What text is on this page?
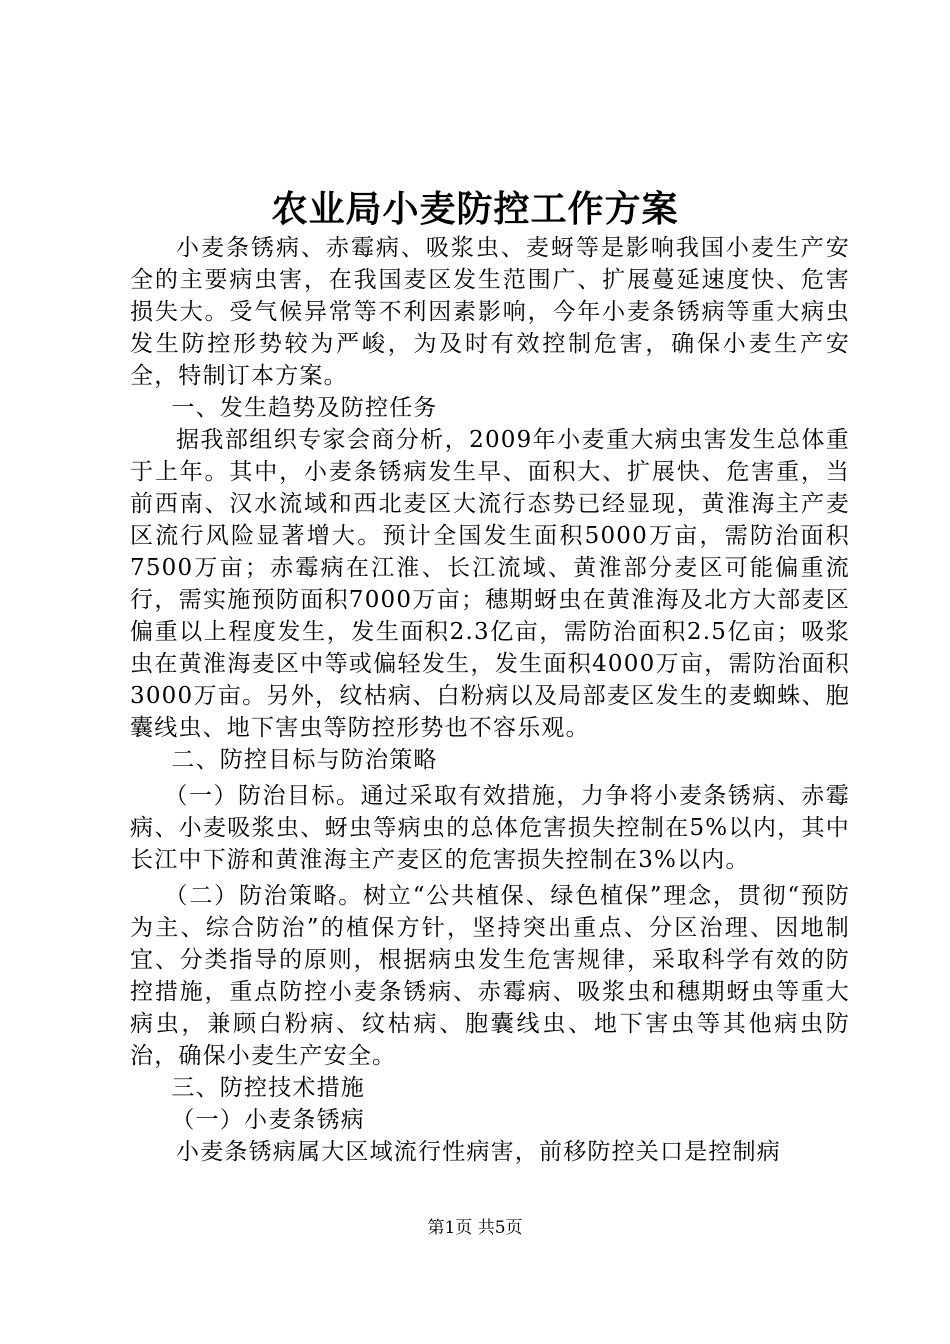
农业局小麦防控工作方案

小麦条锈病、赤霉病、吸浆虫、麦蚜等是影响我国小麦生产安全的主要病虫害，在我国麦区发生范围广、扩展蔓延速度快、危害损失大。受气候异常等不利因素影响，今年小麦条锈病等重大病虫发生防控形势较为严峻，为及时有效控制危害，确保小麦生产安全，特制订本方案。

一、发生趋势及防控任务

据我部组织专家会商分析，2009年小麦重大病虫害发生总体重于上年。其中，小麦条锈病发生早、面积大、扩展快、危害重，当前西南、汉水流域和西北麦区大流行态势已经显现，黄淮海主产麦区流行风险显著增大。预计全国发生面积5000万亩，需防治面积7500万亩；赤霉病在江淮、长江流域、黄淮部分麦区可能偏重流行，需实施预防面积7000万亩；穗期蚜虫在黄淮海及北方大部麦区偏重以上程度发生，发生面积2.3亿亩，需防治面积2.5亿亩；吸浆虫在黄淮海麦区中等或偏轻发生，发生面积4000万亩，需防治面积3000万亩。另外，纹枯病、白粉病以及局部麦区发生的麦蜘蛛、胞囊线虫、地下害虫等防控形势也不容乐观。

二、防控目标与防治策略

（一）防治目标。通过采取有效措施，力争将小麦条锈病、赤霉病、小麦吸浆虫、蚜虫等病虫的总体危害损失控制在5%以内，其中长江中下游和黄淮海主产麦区的危害损失控制在3%以内。

（二）防治策略。树立“公共植保、绿色植保”理念，贯彻“预防为主、综合防治”的植保方针，坚持突出重点、分区治理、因地制宜、分类指导的原则，根据病虫发生危害规律，采取科学有效的防控措施，重点防控小麦条锈病、赤霉病、吸浆虫和穗期蚜虫等重大病虫，兼顾白粉病、纹枯病、胞囊线虫、地下害虫等其他病虫防治，确保小麦生产安全。

三、防控技术措施

（一）小麦条锈病

小麦条锈病属大区域流行性病害，前移防控关口是控制病

第1页 共5页
